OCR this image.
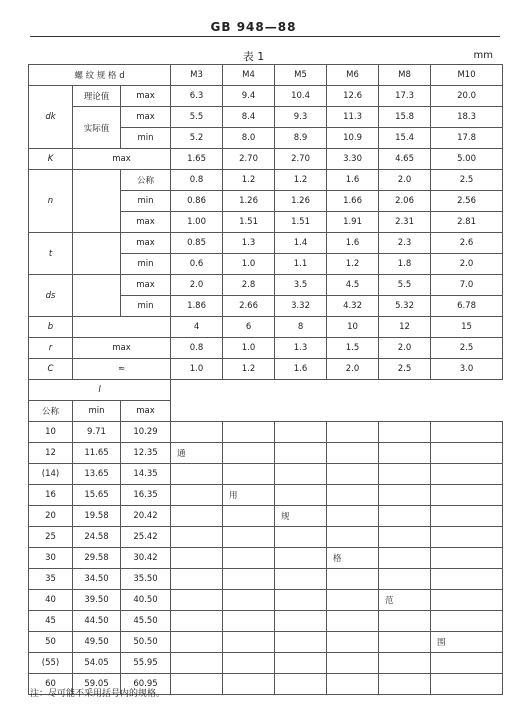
GB 948—88
表 1	mm
螺 纹 规 格 d			M3	M4	M5	M6	M8	M10
dk	理论值	max	6.3	9.4	10.4	12.6	17.3	20.0
	实际值	max	5.5	8.4	9.3	11.3	15.8	18.3
		min	5.2	8.0	8.9	10.9	15.4	17.8
K	max		1.65	2.70	2.70	3.30	4.65	5.00
n		公称	0.8	1.2	1.2	1.6	2.0	2.5
		min	0.86	1.26	1.26	1.66	2.06	2.56
		max	1.00	1.51	1.51	1.91	2.31	2.81
t		max	0.85	1.3	1.4	1.6	2.3	2.6
		min	0.6	1.0	1.1	1.2	1.8	2.0
ds		max	2.0	2.8	3.5	4.5	5.5	7.0
		min	1.86	2.66	3.32	4.32	5.32	6.78
b			4	6	8	10	12	15
r	max		0.8	1.0	1.3	1.5	2.0	2.5
C	≈		1.0	1.2	1.6	2.0	2.5	3.0
l								
公称	min	max						
10	9.71	10.29						
12	11.65	12.35	通					
(14)	13.65	14.35						
16	15.65	16.35		用				
20	19.58	20.42			规			
25	24.58	25.42						
30	29.58	30.42				格		
35	34.50	35.50						
40	39.50	40.50					范	
45	44.50	45.50						
50	49.50	50.50						围
(55)	54.05	55.95						
60	59.05	60.95						
注：尽可能不采用括号内的规格。
